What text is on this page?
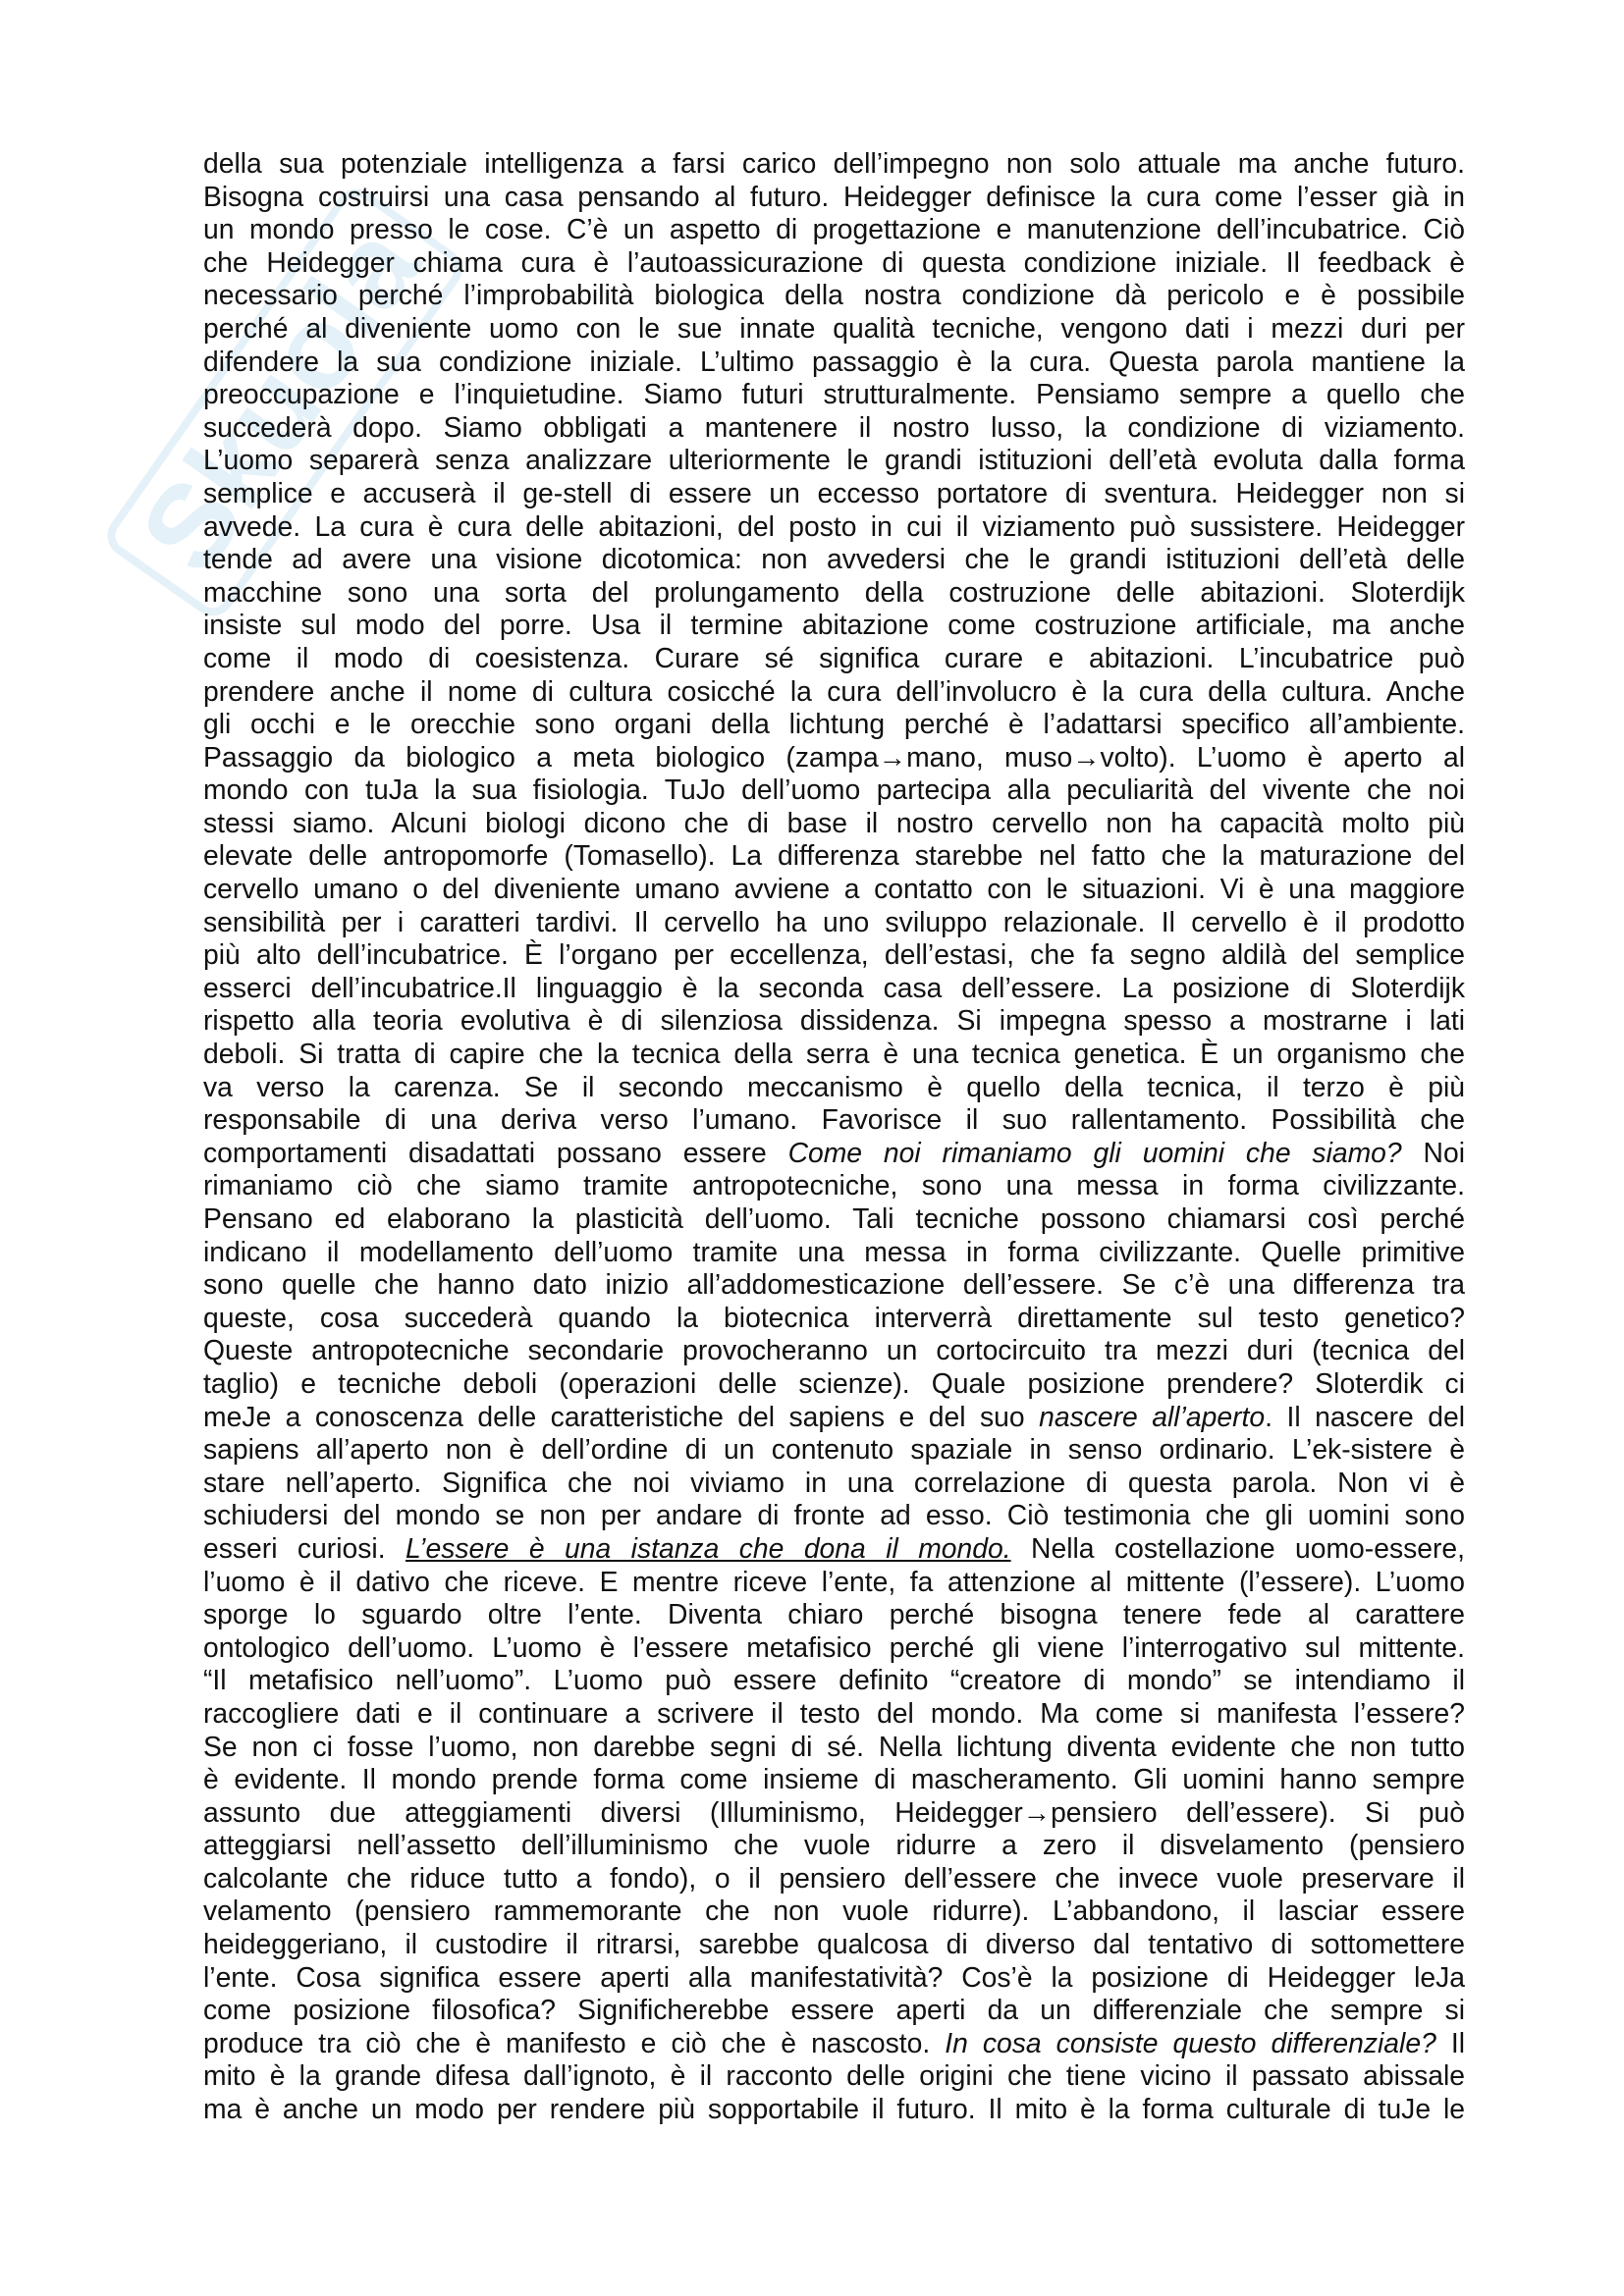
Skuola
della sua potenziale intelligenza a farsi carico dell’impegno non solo attuale ma anche futuro.
Bisogna costruirsi una casa pensando al futuro. Heidegger definisce la cura come l’esser già in
un mondo presso le cose. C’è un aspetto di progettazione e manutenzione dell’incubatrice. Ciò
che Heidegger chiama cura è l’autoassicurazione di questa condizione iniziale. Il feedback è
necessario perché l’improbabilità biologica della nostra condizione dà pericolo e è possibile
perché al diveniente uomo con le sue innate qualità tecniche, vengono dati i mezzi duri per
difendere la sua condizione iniziale. L’ultimo passaggio è la cura. Questa parola mantiene la
preoccupazione e l’inquietudine. Siamo futuri strutturalmente. Pensiamo sempre a quello che
succederà dopo. Siamo obbligati a mantenere il nostro lusso, la condizione di viziamento.
L’uomo separerà senza analizzare ulteriormente le grandi istituzioni dell’età evoluta dalla forma
semplice e accuserà il ge-stell di essere un eccesso portatore di sventura. Heidegger non si
avvede. La cura è cura delle abitazioni, del posto in cui il viziamento può sussistere. Heidegger
tende ad avere una visione dicotomica: non avvedersi che le grandi istituzioni dell’età delle
macchine sono una sorta del prolungamento della costruzione delle abitazioni. Sloterdijk
insiste sul modo del porre. Usa il termine abitazione come costruzione artificiale, ma anche
come il modo di coesistenza. Curare sé significa curare e abitazioni. L’incubatrice può
prendere anche il nome di cultura cosicché la cura dell’involucro è la cura della cultura. Anche
gli occhi e le orecchie sono organi della lichtung perché è l’adattarsi specifico all’ambiente.
Passaggio da biologico a meta biologico (zampa→mano, muso→volto). L’uomo è aperto al
mondo con tuJa la sua fisiologia. TuJo dell’uomo partecipa alla peculiarità del vivente che noi
stessi siamo. Alcuni biologi dicono che di base il nostro cervello non ha capacità molto più
elevate delle antropomorfe (Tomasello). La differenza starebbe nel fatto che la maturazione del
cervello umano o del diveniente umano avviene a contatto con le situazioni. Vi è una maggiore
sensibilità per i caratteri tardivi. Il cervello ha uno sviluppo relazionale. Il cervello è il prodotto
più alto dell’incubatrice. È l’organo per eccellenza, dell’estasi, che fa segno aldilà del semplice
esserci dell’incubatrice.Il linguaggio è la seconda casa dell’essere. La posizione di Sloterdijk
rispetto alla teoria evolutiva è di silenziosa dissidenza. Si impegna spesso a mostrarne i lati
deboli. Si tratta di capire che la tecnica della serra è una tecnica genetica. È un organismo che
va verso la carenza. Se il secondo meccanismo è quello della tecnica, il terzo è più
responsabile di una deriva verso l’umano. Favorisce il suo rallentamento. Possibilità che
comportamenti disadattati possano essere Come noi rimaniamo gli uomini che siamo? Noi
rimaniamo ciò che siamo tramite antropotecniche, sono una messa in forma civilizzante.
Pensano ed elaborano la plasticità dell’uomo. Tali tecniche possono chiamarsi così perché
indicano il modellamento dell’uomo tramite una messa in forma civilizzante. Quelle primitive
sono quelle che hanno dato inizio all’addomesticazione dell’essere. Se c’è una differenza tra
queste, cosa succederà quando la biotecnica interverrà direttamente sul testo genetico?
Queste antropotecniche secondarie provocheranno un cortocircuito tra mezzi duri (tecnica del
taglio) e tecniche deboli (operazioni delle scienze). Quale posizione prendere? Sloterdik ci
meJe a conoscenza delle caratteristiche del sapiens e del suo nascere all’aperto. Il nascere del
sapiens all’aperto non è dell’ordine di un contenuto spaziale in senso ordinario. L’ek-sistere è
stare nell’aperto. Significa che noi viviamo in una correlazione di questa parola. Non vi è
schiudersi del mondo se non per andare di fronte ad esso. Ciò testimonia che gli uomini sono
esseri curiosi. L’essere è una istanza che dona il mondo. Nella costellazione uomo-essere,
l’uomo è il dativo che riceve. E mentre riceve l’ente, fa attenzione al mittente (l’essere). L’uomo
sporge lo sguardo oltre l’ente. Diventa chiaro perché bisogna tenere fede al carattere
ontologico dell’uomo. L’uomo è l’essere metafisico perché gli viene l’interrogativo sul mittente.
“Il metafisico nell’uomo”. L’uomo può essere definito “creatore di mondo” se intendiamo il
raccogliere dati e il continuare a scrivere il testo del mondo. Ma come si manifesta l’essere?
Se non ci fosse l’uomo, non darebbe segni di sé. Nella lichtung diventa evidente che non tutto
è evidente. Il mondo prende forma come insieme di mascheramento. Gli uomini hanno sempre
assunto due atteggiamenti diversi (Illuminismo, Heidegger→pensiero dell’essere). Si può
atteggiarsi nell’assetto dell’illuminismo che vuole ridurre a zero il disvelamento (pensiero
calcolante che riduce tutto a fondo), o il pensiero dell’essere che invece vuole preservare il
velamento (pensiero rammemorante che non vuole ridurre). L’abbandono, il lasciar essere
heideggeriano, il custodire il ritrarsi, sarebbe qualcosa di diverso dal tentativo di sottomettere
l’ente. Cosa significa essere aperti alla manifestatività? Cos’è la posizione di Heidegger leJa
come posizione filosofica? Significherebbe essere aperti da un differenziale che sempre si
produce tra ciò che è manifesto e ciò che è nascosto. In cosa consiste questo differenziale? Il
mito è la grande difesa dall’ignoto, è il racconto delle origini che tiene vicino il passato abissale
ma è anche un modo per rendere più sopportabile il futuro. Il mito è la forma culturale di tuJe le
